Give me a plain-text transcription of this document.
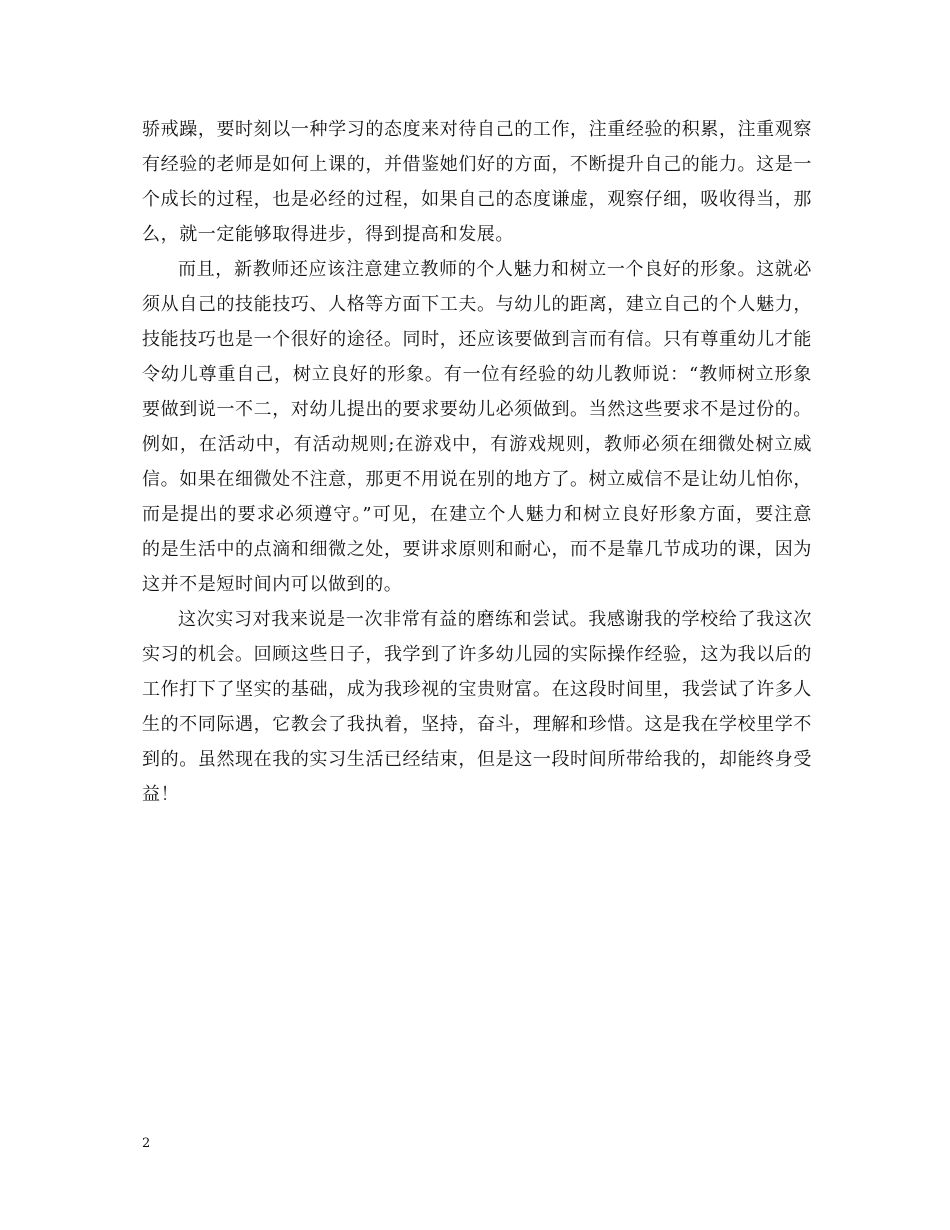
骄戒躁，要时刻以一种学习的态度来对待自己的工作，注重经验的积累，注重观察有经验的老师是如何上课的，并借鉴她们好的方面，不断提升自己的能力。这是一个成长的过程，也是必经的过程，如果自己的态度谦虚，观察仔细，吸收得当，那么，就一定能够取得进步，得到提高和发展。

而且，新教师还应该注意建立教师的个人魅力和树立一个良好的形象。这就必须从自己的技能技巧、人格等方面下工夫。与幼儿的距离，建立自己的个人魅力，技能技巧也是一个很好的途径。同时，还应该要做到言而有信。只有尊重幼儿才能令幼儿尊重自己，树立良好的形象。有一位有经验的幼儿教师说：“教师树立形象要做到说一不二，对幼儿提出的要求要幼儿必须做到。当然这些要求不是过份的。例如，在活动中，有活动规则;在游戏中，有游戏规则，教师必须在细微处树立威信。如果在细微处不注意，那更不用说在别的地方了。树立威信不是让幼儿怕你，而是提出的要求必须遵守。”可见，在建立个人魅力和树立良好形象方面，要注意的是生活中的点滴和细微之处，要讲求原则和耐心，而不是靠几节成功的课，因为这并不是短时间内可以做到的。

这次实习对我来说是一次非常有益的磨练和尝试。我感谢我的学校给了我这次实习的机会。回顾这些日子，我学到了许多幼儿园的实际操作经验，这为我以后的工作打下了坚实的基础，成为我珍视的宝贵财富。在这段时间里，我尝试了许多人生的不同际遇，它教会了我执着，坚持，奋斗，理解和珍惜。这是我在学校里学不到的。虽然现在我的实习生活已经结束，但是这一段时间所带给我的，却能终身受益！

2
